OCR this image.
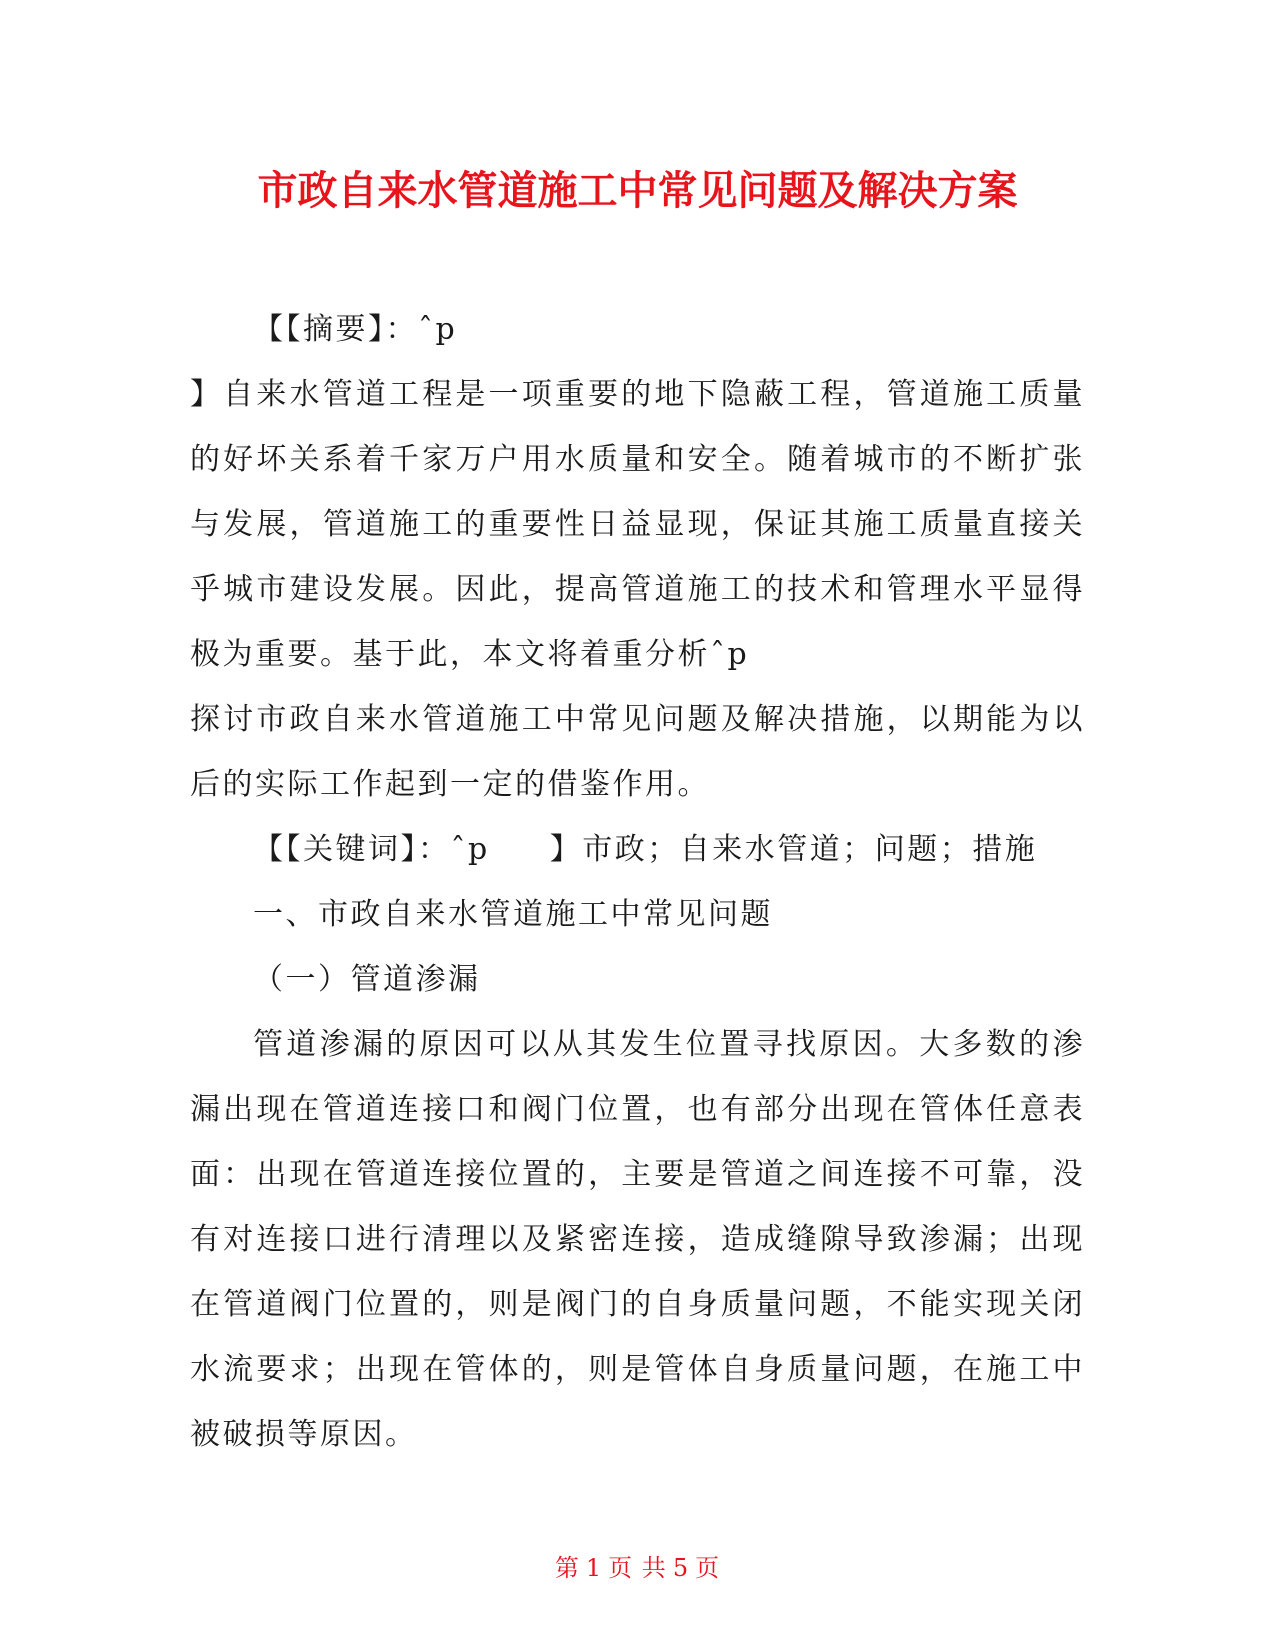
市政自来水管道施工中常见问题及解决方案

【【摘要】：ˆp

】自来水管道工程是一项重要的地下隐蔽工程，管道施工质量的好坏关系着千家万户用水质量和安全。随着城市的不断扩张与发展，管道施工的重要性日益显现，保证其施工质量直接关乎城市建设发展。因此，提高管道施工的技术和管理水平显得极为重要。基于此，本文将着重分析ˆp

探讨市政自来水管道施工中常见问题及解决措施，以期能为以后的实际工作起到一定的借鉴作用。

【【关键词】：ˆp 】市政；自来水管道；问题；措施

一、市政自来水管道施工中常见问题

（一）管道渗漏

管道渗漏的原因可以从其发生位置寻找原因。大多数的渗漏出现在管道连接口和阀门位置，也有部分出现在管体任意表面：出现在管道连接位置的，主要是管道之间连接不可靠，没有对连接口进行清理以及紧密连接，造成缝隙导致渗漏；出现在管道阀门位置的，则是阀门的自身质量问题，不能实现关闭水流要求；出现在管体的，则是管体自身质量问题，在施工中被破损等原因。

第 1 页 共 5 页
